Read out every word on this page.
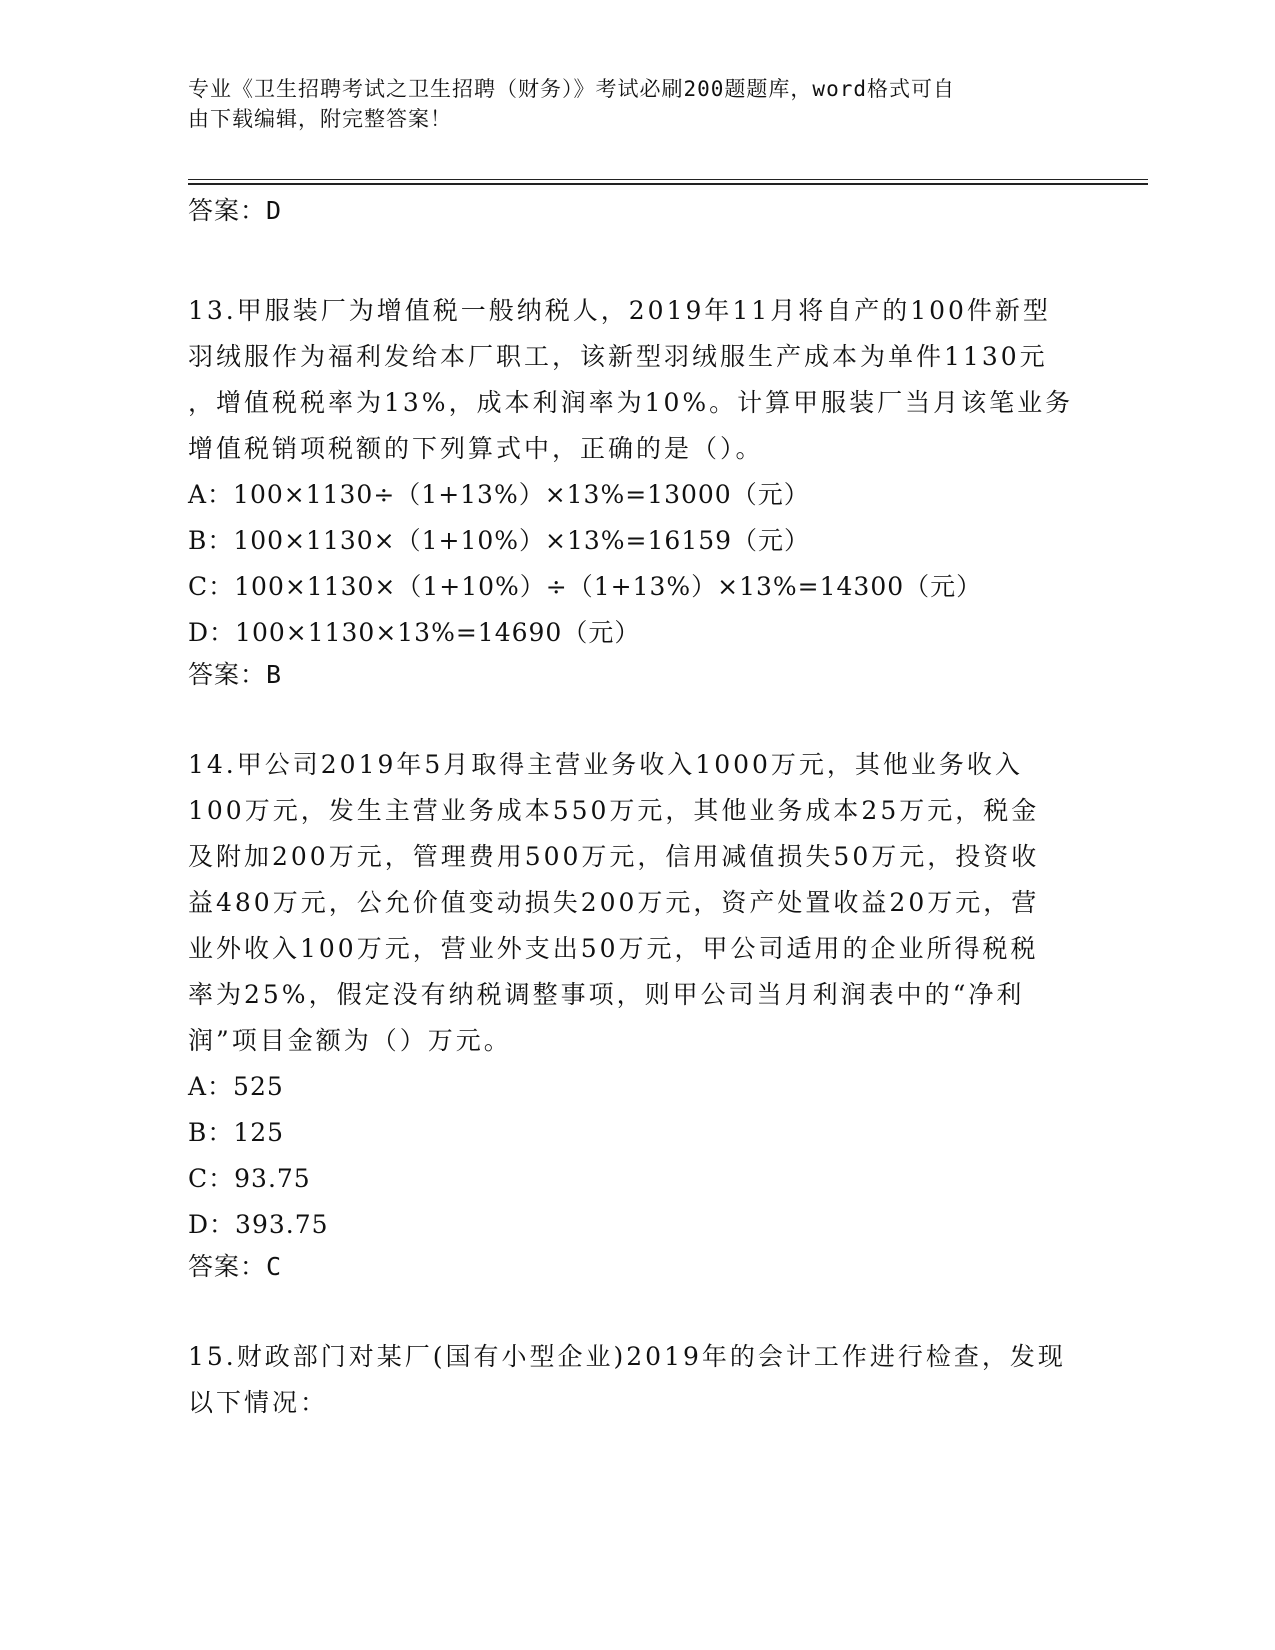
专业《卫生招聘考试之卫生招聘（财务）》考试必刷200题题库，word格式可自
由下载编辑，附完整答案！

答案：D

13.甲服装厂为增值税一般纳税人，2019年11月将自产的100件新型

羽绒服作为福利发给本厂职工，该新型羽绒服生产成本为单件1130元

，增值税税率为13%，成本利润率为10%。计算甲服装厂当月该笔业务

增值税销项税额的下列算式中，正确的是（）。

A：100×1130÷（1+13%）×13%=13000（元）

B：100×1130×（1+10%）×13%=16159（元）

C：100×1130×（1+10%）÷（1+13%）×13%=14300（元）

D：100×1130×13%=14690（元）

答案：B

14.甲公司2019年5月取得主营业务收入1000万元，其他业务收入

100万元，发生主营业务成本550万元，其他业务成本25万元，税金

及附加200万元，管理费用500万元，信用减值损失50万元，投资收

益480万元，公允价值变动损失200万元，资产处置收益20万元，营

业外收入100万元，营业外支出50万元，甲公司适用的企业所得税税

率为25%，假定没有纳税调整事项，则甲公司当月利润表中的“净利

润”项目金额为（）万元。

A：525

B：125

C：93.75

D：393.75

答案：C

15.财政部门对某厂(国有小型企业)2019年的会计工作进行检查，发现

以下情况：
